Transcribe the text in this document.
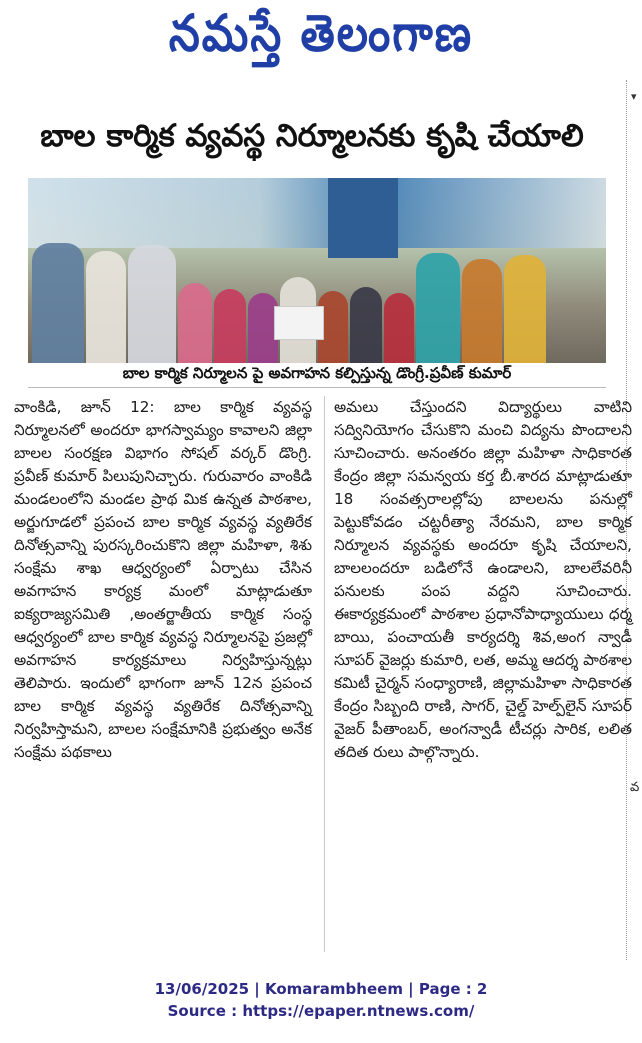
నమస్తే తెలంగాణ
▾
వ
బాల కార్మిక వ్యవస్థ నిర్మూలనకు కృషి చేయాలి
బాల కార్మిక నిర్మూలన పై అవగాహన కల్పిస్తున్న డొంగ్రీ.ప్రవీణ్ కుమార్
వాంకిడి, జూన్ 12: బాల కార్మిక వ్యవస్థ నిర్మూలనలో అందరూ భాగస్వామ్యం కావాలని జిల్లా బాలల సంరక్షణ విభాగం సోషల్ వర్కర్ డొంగ్రి. ప్రవీణ్ కుమార్ పిలుపునిచ్చారు. గురువారం వాంకిడి మండలంలోని మండల ప్రాథ మిక ఉన్నత పాఠశాల, అర్జుగూడలో ప్రపంచ బాల కార్మిక వ్యవస్థ వ్యతిరేక దినోత్సవాన్ని పురస్కరించుకొని జిల్లా మహిళా, శిశు సంక్షేమ శాఖ ఆధ్వర్యంలో ఏర్పాటు చేసిన అవగాహన కార్యక్ర మంలో మాట్లాడుతూ ఐక్యరాజ్యసమితి ,అంతర్జాతీయ కార్మిక సంస్థ ఆధ్వర్యంలో బాల కార్మిక వ్యవస్థ నిర్మూలనపై ప్రజల్లో అవగాహన కార్యక్రమాలు నిర్వహిస్తున్నట్లు తెలిపారు. ఇందులో భాగంగా జూన్ 12న ప్రపంచ బాల కార్మిక వ్యవస్థ వ్యతిరేక దినోత్సవాన్ని నిర్వహిస్తామని, బాలల సంక్షేమానికి ప్రభుత్వం అనేక సంక్షేమ పథకాలు
అమలు చేస్తుందని విద్యార్థులు వాటిని సద్వినియోగం చేసుకొని మంచి విద్యను పొందాలని సూచించారు. అనంతరం జిల్లా మహిళా సాధికారత కేంద్రం జిల్లా సమన్వయ కర్త బీ.శారద మాట్లాడుతూ 18 సంవత్సరాలల్లోపు బాలలను పనుల్లో పెట్టుకోవడం చట్టరీత్యా నేరమని, బాల కార్మిక నిర్మూలన వ్యవస్థకు అందరూ కృషి చేయాలని, బాలలందరూ బడిలోనే ఉండాలని, బాలలేవరినీ పనులకు పంప వద్దని సూచించారు. ఈకార్యక్రమంలో పాఠశాల ప్రధానోపాధ్యాయులు ధర్మ బాయి, పంచాయతీ కార్యదర్శి శివ,అంగ న్వాడీ సూపర్ వైజర్లు కుమారి, లత, అమ్మ ఆదర్శ పాఠశాల కమిటీ చైర్మన్ సంధ్యారాణి, జిల్లామహిళా సాధికారత కేంద్రం సిబ్బంది రాణి, సాగర్, చైల్డ్ హెల్ప్‌లైన్ సూపర్ వైజర్ పీతాంబర్, అంగన్వాడీ టీచర్లు సారిక, లలిత తదిత రులు పాల్గొన్నారు.
13/06/2025 | Komarambheem | Page : 2
Source : https://epaper.ntnews.com/
